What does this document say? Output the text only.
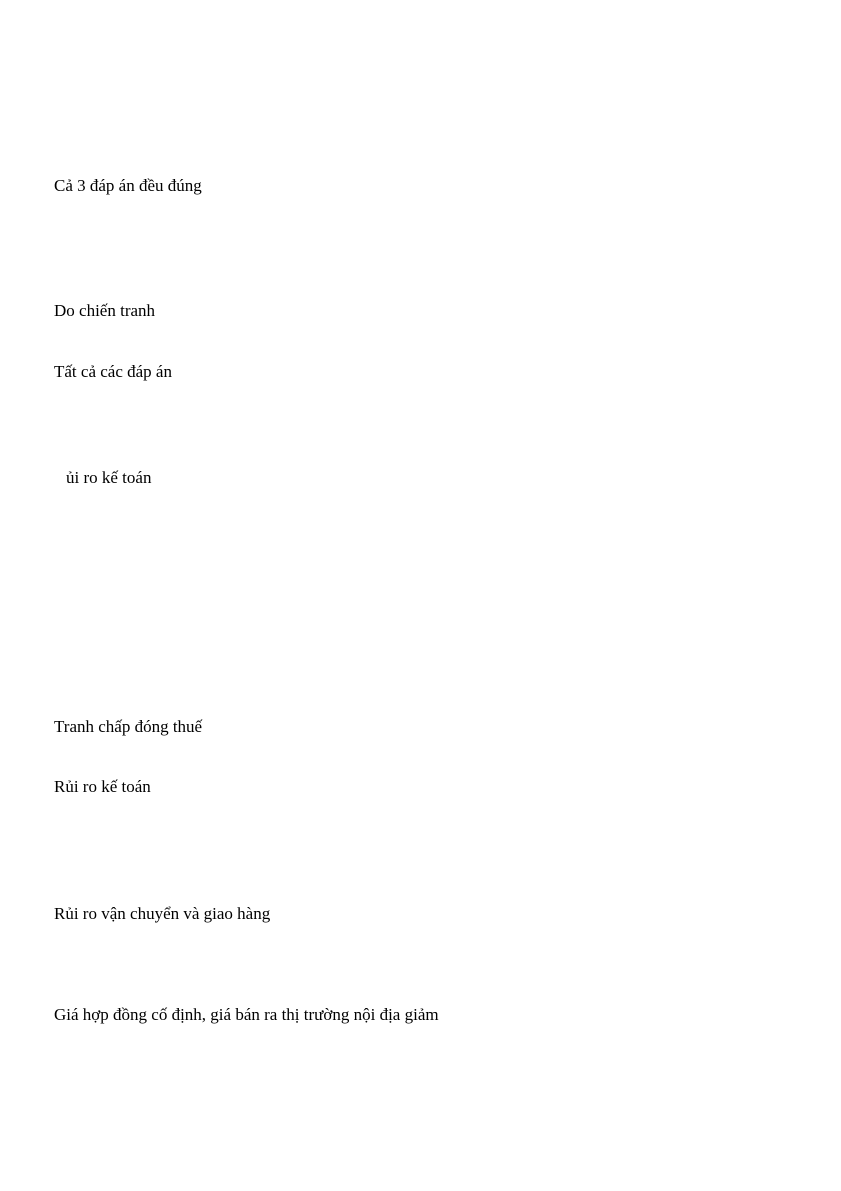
Cả 3 đáp án đều đúng
Do chiến tranh
Tất cả các đáp án
ủi ro kế toán
Tranh chấp đóng thuế
Rủi ro kế toán
Rủi ro vận chuyển và giao hàng
Giá hợp đồng cố định, giá bán ra thị trường nội địa giảm
